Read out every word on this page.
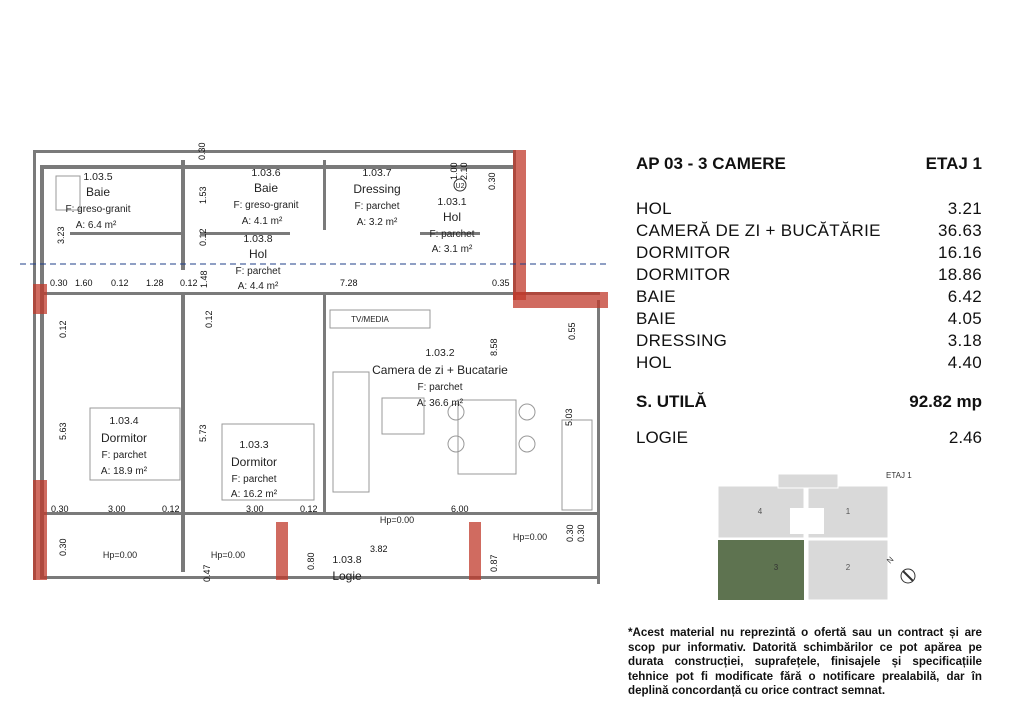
1.03.5
Baie
F: greso-granit
A: 6.4 m²
1.03.6
Baie
F: greso-granit
A: 4.1 m²
1.03.7
Dressing
F: parchet
A: 3.2 m²
1.03.1
Hol
F: parchet
A: 3.1 m²
1.03.8
Hol
F: parchet
A: 4.4 m²
1.03.2
Camera de zi + Bucatarie
F: parchet
A: 36.6 m²
1.03.4
Dormitor
F: parchet
A: 18.9 m²
1.03.3
Dormitor
F: parchet
A: 16.2 m²
1.03.8
Logie
TV/MEDIA
U2
Hp=0.00
Hp=0.00	Hp=0.00
Hp=0.00
0.30
1.53
0.12
3.23
1.48
0.30 1.60 0.12 1.28 0.12	7.28	0.35
0.12
0.12
8.58
0.55
5.63	5.73
5.03
0.30	3.00	0.12	3.00	0.12	6.00
0.30
0.30
0.47
0.80
3.82
0.87
0.30
1.00 2.10
0.30
AP 03 - 3 CAMERE	ETAJ 1
HOL	3.21
CAMERĂ DE ZI + BUCĂTĂRIE	36.63
DORMITOR	16.16
DORMITOR	18.86
BAIE	6.42
BAIE	4.05
DRESSING	3.18
HOL	4.40
S. UTILĂ	92.82 mp
LOGIE	2.46
ETAJ 1
4	1
2
3
N
*Acest material nu reprezintă o ofertă sau un contract și are scop pur informativ. Datorită schimbărilor ce pot apărea pe durata construcției, suprafețele, finisajele și specificațiile tehnice pot fi modificate fără o notificare prealabilă, dar în deplină concordanță cu orice contract semnat.
